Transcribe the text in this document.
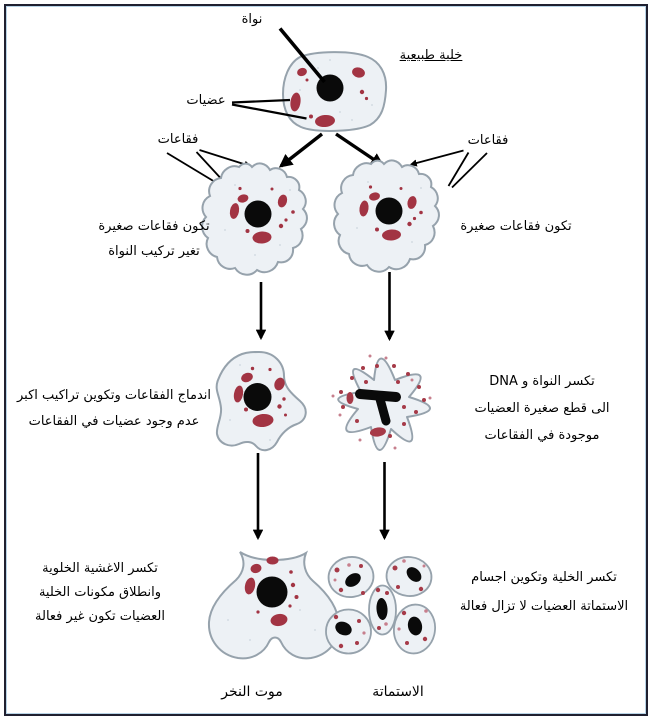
نواة
خلية طبيعية
عضيات
فقاعات	فقاعات
تكون فقاعات صغيرة
تغير تركيب النواة
تكون فقاعات صغيرة
اندماج الفقاعات وتكوين تراكيب اكبر
عدم وجود عضيات في الفقاعات
تكسر النواة و DNA
الى قطع صغيرة العضيات
موجودة في الفقاعات
تكسر الاغشية الخلوية
وانطلاق مكونات الخلية
العضيات تكون غير فعالة
تكسر الخلية وتكوين اجسام
الاستماتة العضيات لا تزال فعالة
موت النخر	الاستماتة
